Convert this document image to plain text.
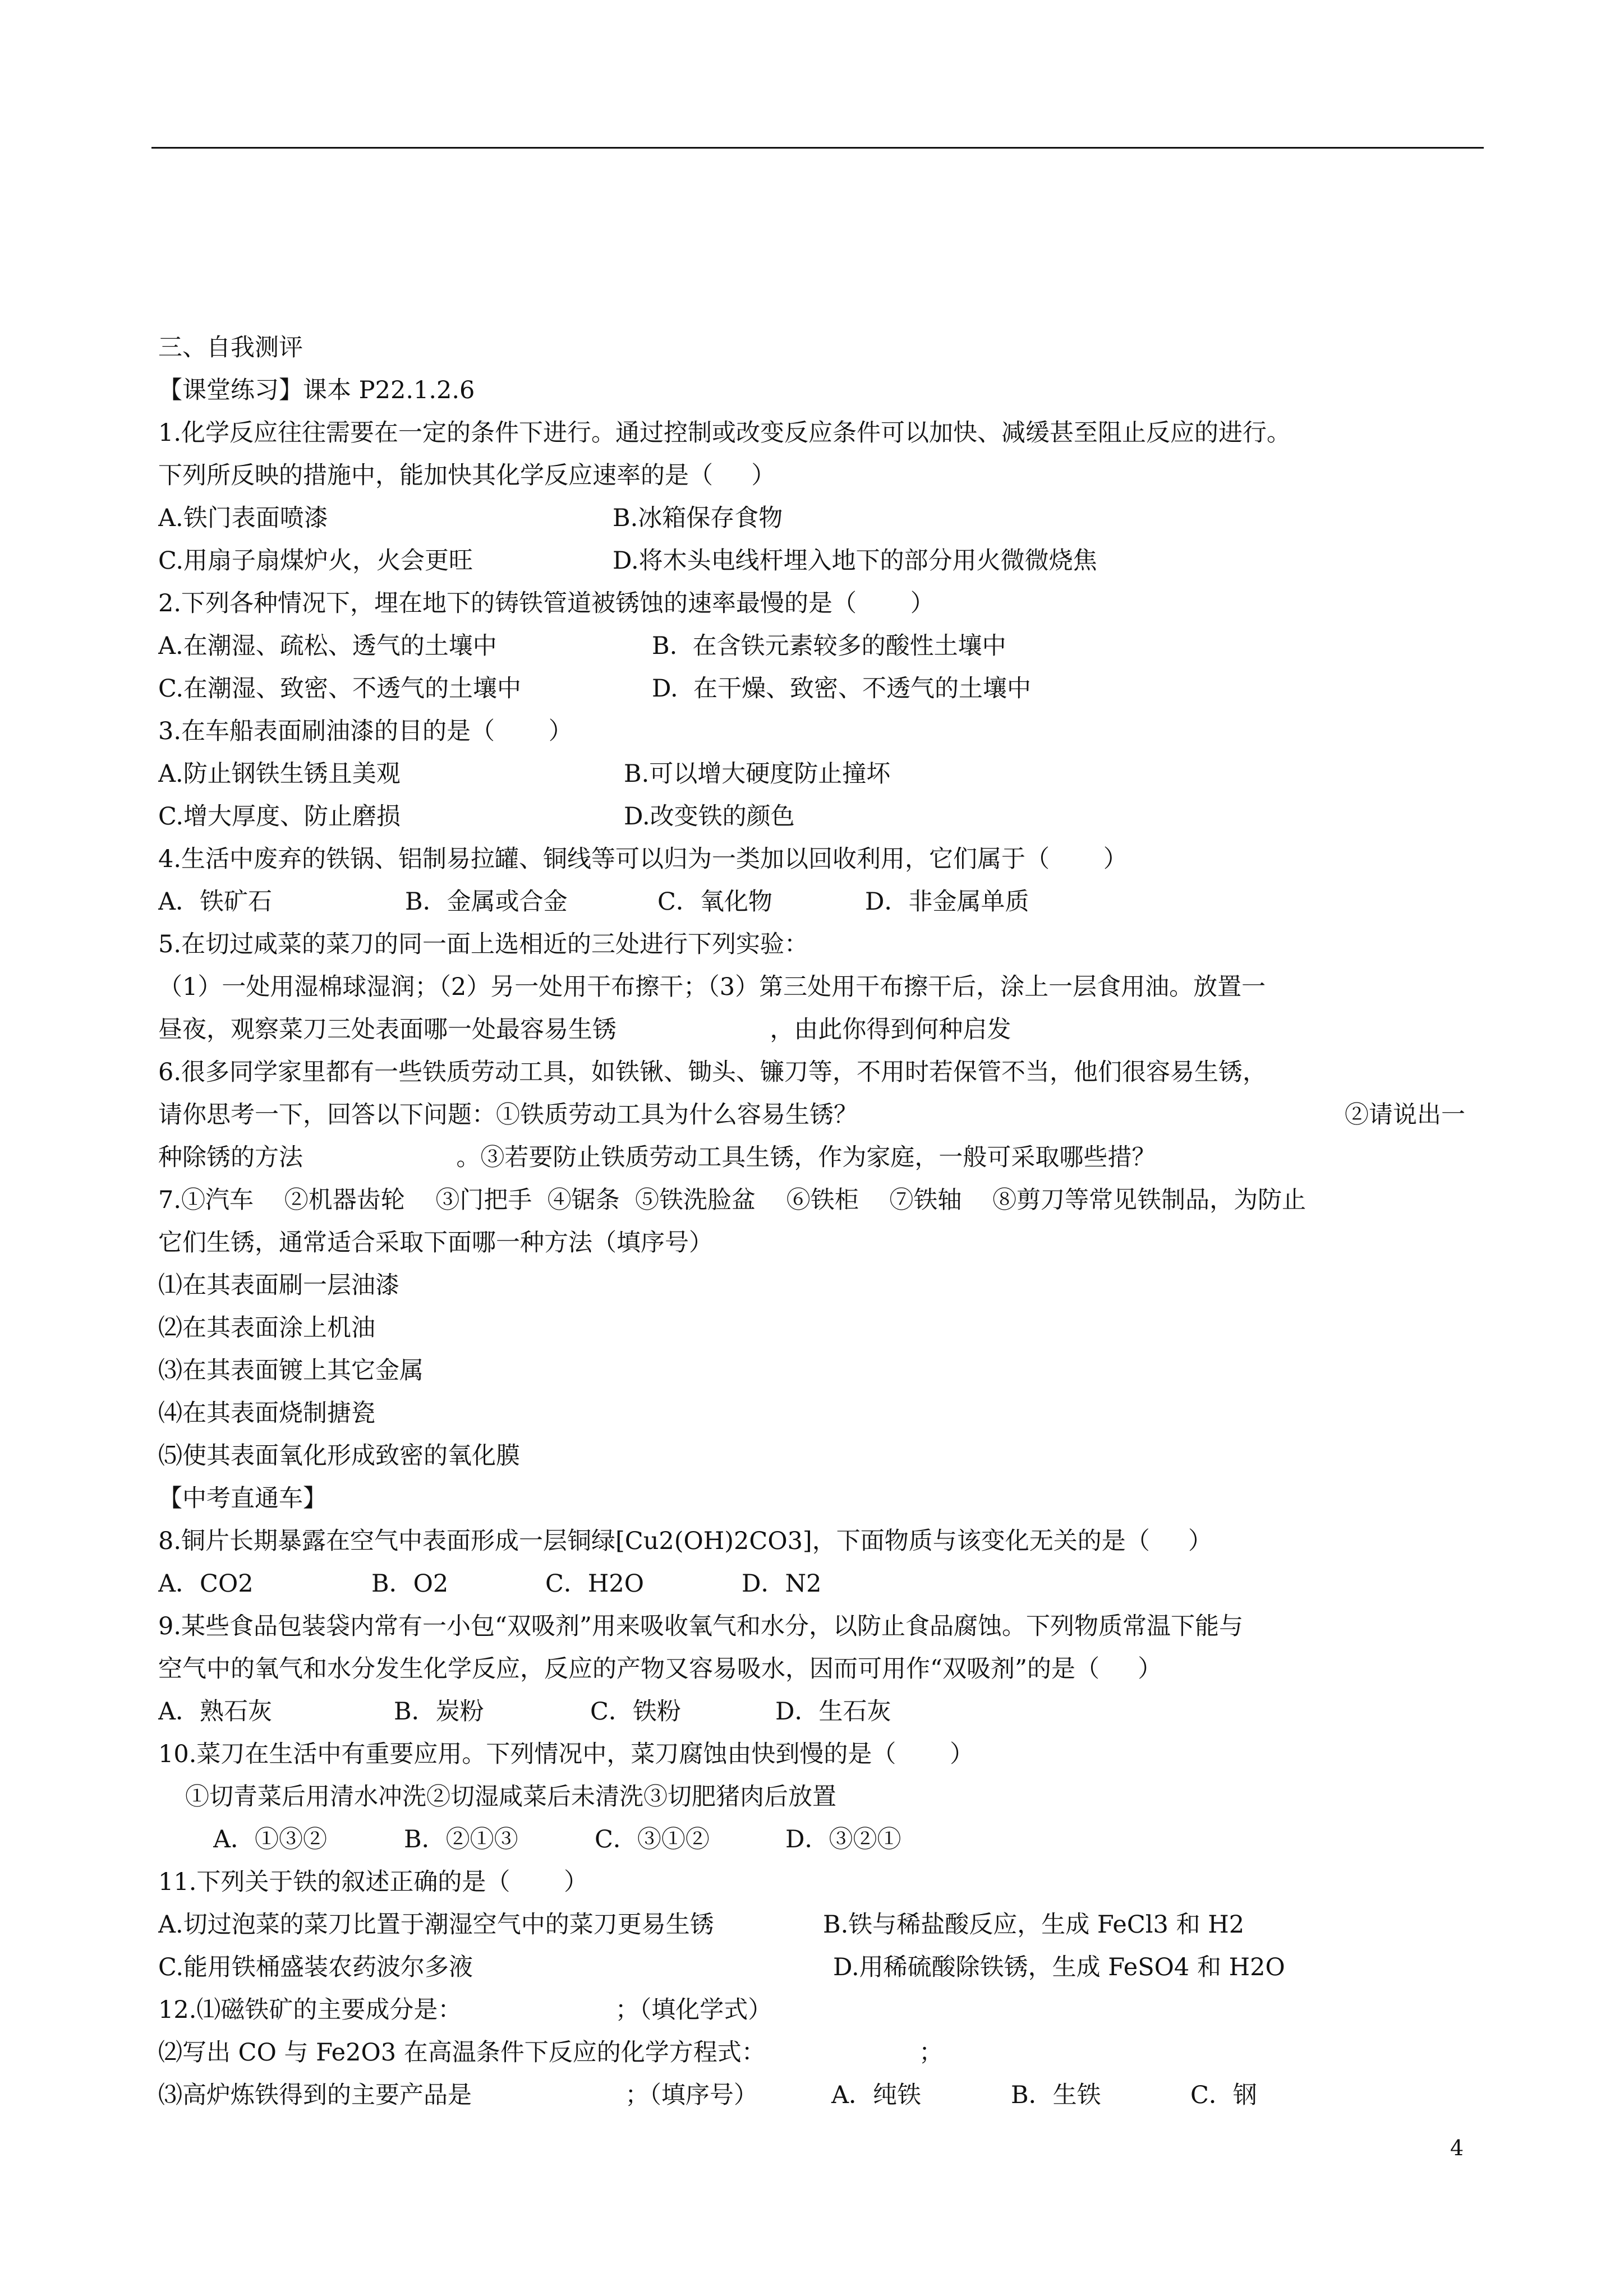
三、自我测评
【课堂练习】课本 P22.1.2.6
1.化学反应往往需要在一定的条件下进行。通过控制或改变反应条件可以加快、减缓甚至阻止反应的进行。
下列所反映的措施中，能加快其化学反应速率的是（     ）

A.铁门表面喷漆

	B.冰箱保存食物

C.用扇子扇煤炉火，火会更旺

	D.将木头电线杆埋入地下的部分用火微微烧焦

2.下列各种情况下，埋在地下的铸铁管道被锈蚀的速率最慢的是（       ）

A.在潮湿、疏松、透气的土壤中

	B.  在含铁元素较多的酸性土壤中

C.在潮湿、致密、不透气的土壤中

	D.  在干燥、致密、不透气的土壤中

3.在车船表面刷油漆的目的是（       ）

A.防止钢铁生锈且美观

	B.可以增大硬度防止撞坏

C.增大厚度、防止磨损

	D.改变铁的颜色

4.生活中废弃的铁锅、铝制易拉罐、铜线等可以归为一类加以回收利用，它们属于（       ）

A．铁矿石

	B．金属或合金

	C．氧化物

	D．非金属单质

5.在切过咸菜的菜刀的同一面上选相近的三处进行下列实验：
（1）一处用湿棉球湿润；（2）另一处用干布擦干；（3）第三处用干布擦干后，涂上一层食用油。放置一
昼夜，观察菜刀三处表面哪一处最容易生锈                    ，由此你得到何种启发
6.很多同学家里都有一些铁质劳动工具，如铁锹、锄头、镰刀等，不用时若保管不当，他们很容易生锈，

请你思考一下，回答以下问题：①铁质劳动工具为什么容易生锈？

	②请说出一

种除锈的方法                    。③若要防止铁质劳动工具生锈，作为家庭，一般可采取哪些措？
7.①汽车    ②机器齿轮    ③门把手  ④锯条  ⑤铁洗脸盆    ⑥铁柜    ⑦铁轴    ⑧剪刀等常见铁制品，为防止
它们生锈，通常适合采取下面哪一种方法（填序号）
⑴在其表面刷一层油漆
⑵在其表面涂上机油
⑶在其表面镀上其它金属
⑷在其表面烧制搪瓷
⑸使其表面氧化形成致密的氧化膜
【中考直通车】
8.铜片长期暴露在空气中表面形成一层铜绿[Cu2(OH)2CO3]，下面物质与该变化无关的是（     ）

A．CO2

	B．O2

	C．H2O

	D．N2

9.某些食品包装袋内常有一小包“双吸剂”用来吸收氧气和水分，以防止食品腐蚀。下列物质常温下能与
空气中的氧气和水分发生化学反应，反应的产物又容易吸水，因而可用作“双吸剂”的是（     ）

A．熟石灰

	B．炭粉

	C．铁粉

	D．生石灰

10.菜刀在生活中有重要应用。下列情况中，菜刀腐蚀由快到慢的是（       ）
①切青菜后用清水冲洗②切湿咸菜后未清洗③切肥猪肉后放置

A．①③②

	B．②①③

	C．③①②

	D．③②①

11.下列关于铁的叙述正确的是（       ）

A.切过泡菜的菜刀比置于潮湿空气中的菜刀更易生锈

	B.铁与稀盐酸反应，生成 FeCl3 和 H2

C.能用铁桶盛装农药波尔多液

	D.用稀硫酸除铁锈，生成 FeSO4 和 H2O

12.⑴磁铁矿的主要成分是：                    ；（填化学式）
⑵写出 CO 与 Fe2O3 在高温条件下反应的化学方程式：                    ；

⑶高炉炼铁得到的主要产品是                    ；（填序号）

	A．纯铁

	B．生铁

	C．钢

4
